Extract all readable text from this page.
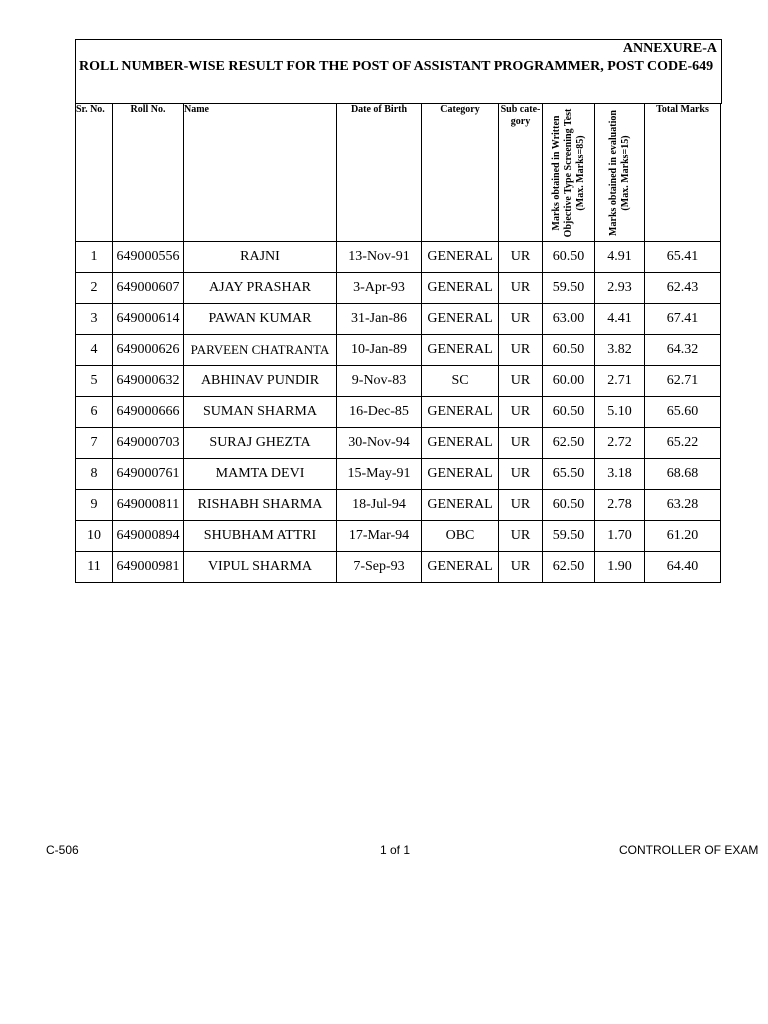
ANNEXURE-A
ROLL NUMBER-WISE RESULT FOR THE POST OF ASSISTANT PROGRAMMER, POST CODE-649
Sr. No.	Roll No.	Name	Date of Birth	Category	Sub cate-gory	Marks obtained in Written Objective Type Screening Test (Max. Marks=85)	Marks obtained in evaluation (Max. Marks=15)	Total Marks
1	649000556	RAJNI	13-Nov-91	GENERAL	UR	60.50	4.91	65.41
2	649000607	AJAY PRASHAR	3-Apr-93	GENERAL	UR	59.50	2.93	62.43
3	649000614	PAWAN KUMAR	31-Jan-86	GENERAL	UR	63.00	4.41	67.41
4	649000626	PARVEEN CHATRANTA	10-Jan-89	GENERAL	UR	60.50	3.82	64.32
5	649000632	ABHINAV PUNDIR	9-Nov-83	SC	UR	60.00	2.71	62.71
6	649000666	SUMAN SHARMA	16-Dec-85	GENERAL	UR	60.50	5.10	65.60
7	649000703	SURAJ GHEZTA	30-Nov-94	GENERAL	UR	62.50	2.72	65.22
8	649000761	MAMTA DEVI	15-May-91	GENERAL	UR	65.50	3.18	68.68
9	649000811	RISHABH SHARMA	18-Jul-94	GENERAL	UR	60.50	2.78	63.28
10	649000894	SHUBHAM ATTRI	17-Mar-94	OBC	UR	59.50	1.70	61.20
11	649000981	VIPUL SHARMA	7-Sep-93	GENERAL	UR	62.50	1.90	64.40
C-506	1 of 1	CONTROLLER OF EXAM
